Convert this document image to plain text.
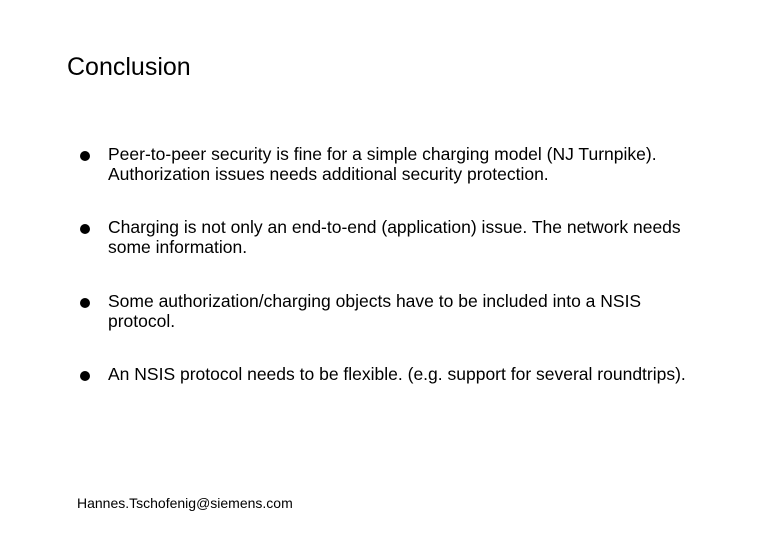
Conclusion
Peer-to-peer security is fine for a simple charging model (NJ Turnpike). Authorization issues needs additional security protection.
Charging is not only an end-to-end (application) issue. The network needs some information.
Some authorization/charging objects have to be included into a NSIS protocol.
An NSIS protocol needs to be flexible. (e.g. support for several roundtrips).
Hannes.Tschofenig@siemens.com
